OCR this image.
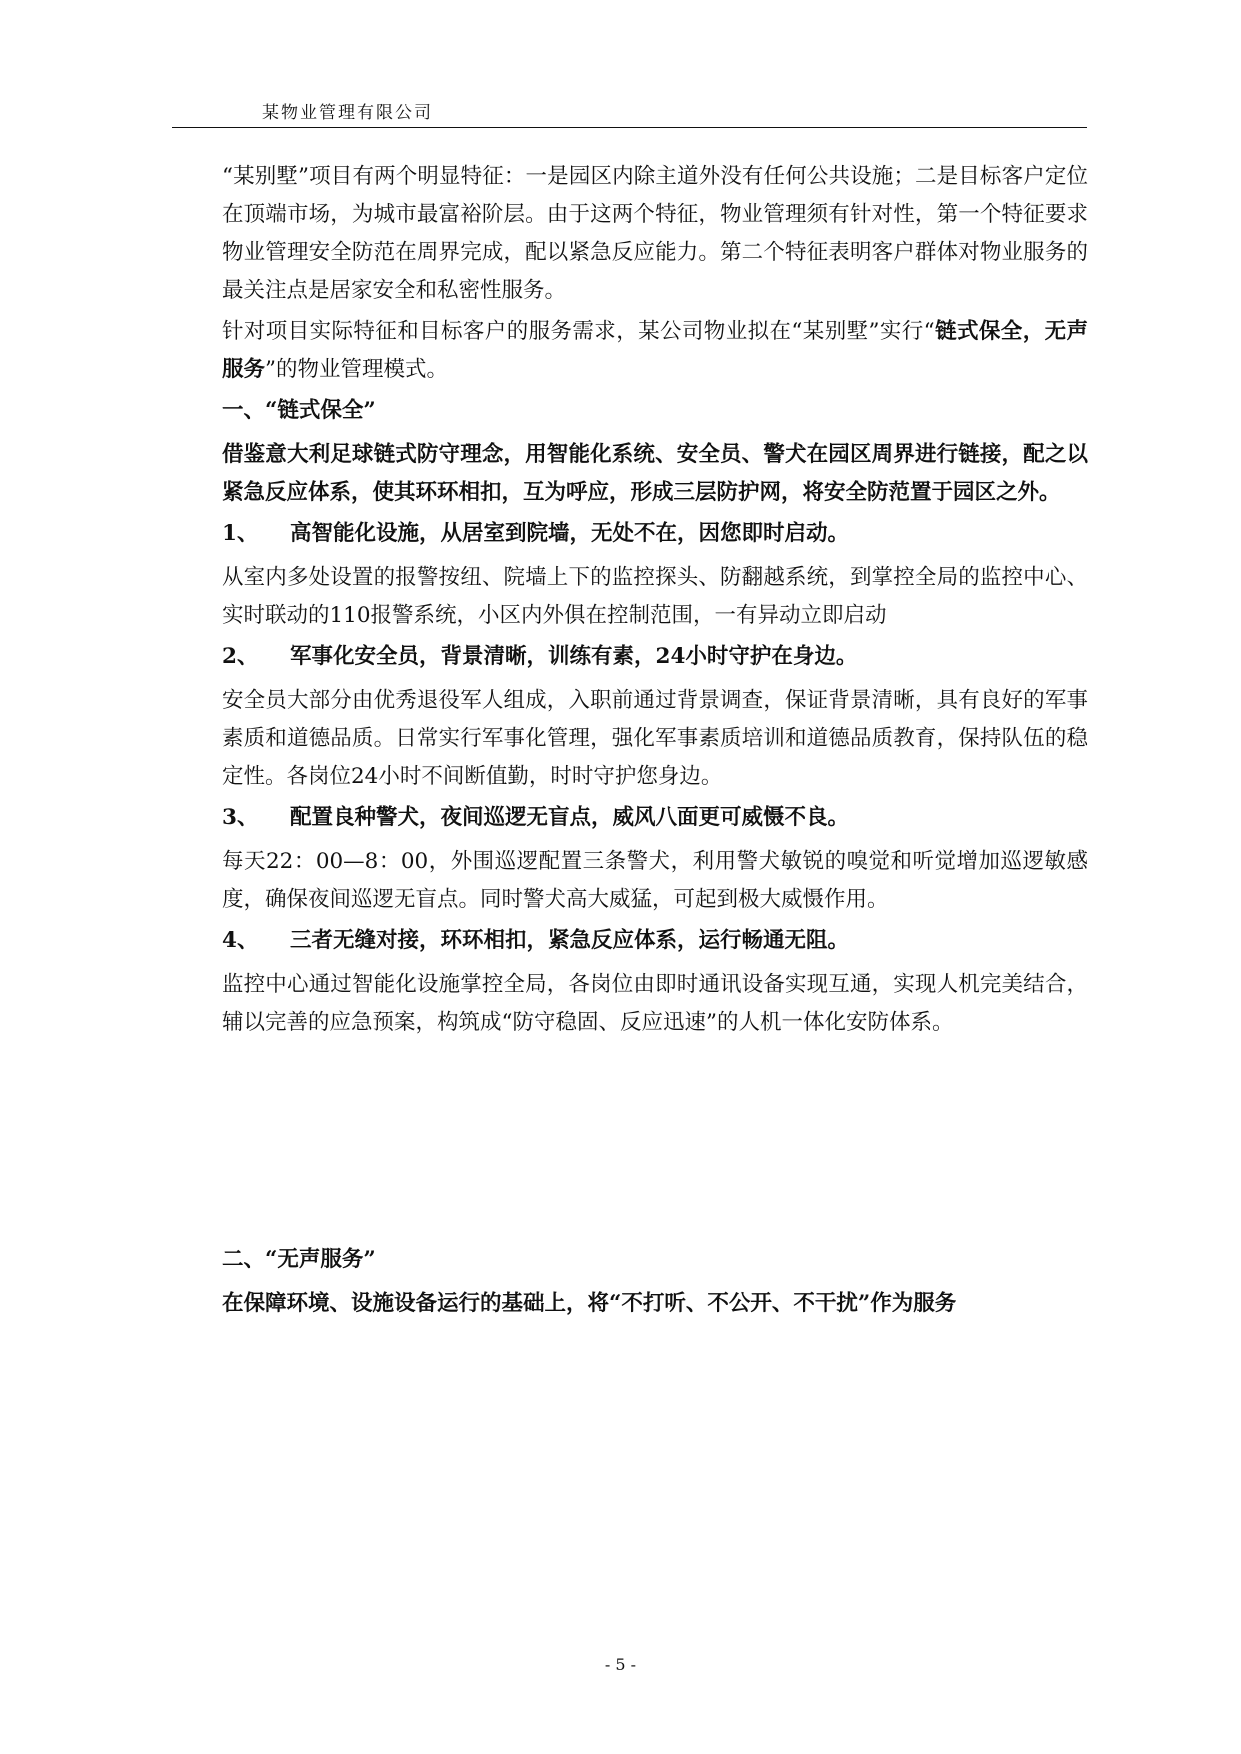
某物业管理有限公司

“某别墅”项目有两个明显特征：一是园区内除主道外没有任何公共设施；二是目标客户定位在顶端市场，为城市最富裕阶层。由于这两个特征，物业管理须有针对性，第一个特征要求物业管理安全防范在周界完成，配以紧急反应能力。第二个特征表明客户群体对物业服务的最关注点是居家安全和私密性服务。

针对项目实际特征和目标客户的服务需求，某公司物业拟在“某别墅”实行“链式保全，无声服务”的物业管理模式。

一、“链式保全”

借鉴意大利足球链式防守理念，用智能化系统、安全员、警犬在园区周界进行链接，配之以紧急反应体系，使其环环相扣，互为呼应，形成三层防护网，将安全防范置于园区之外。

1、	高智能化设施，从居室到院墙，无处不在，因您即时启动。

从室内多处设置的报警按纽、院墙上下的监控探头、防翻越系统，到掌控全局的监控中心、实时联动的110报警系统，小区内外俱在控制范围，一有异动立即启动

2、	军事化安全员，背景清晰，训练有素，24小时守护在身边。

安全员大部分由优秀退役军人组成，入职前通过背景调查，保证背景清晰，具有良好的军事素质和道德品质。日常实行军事化管理，强化军事素质培训和道德品质教育，保持队伍的稳定性。各岗位24小时不间断值勤，时时守护您身边。

3、	配置良种警犬，夜间巡逻无盲点，威风八面更可威慑不良。

每天22：00—8：00，外围巡逻配置三条警犬，利用警犬敏锐的嗅觉和听觉增加巡逻敏感度，确保夜间巡逻无盲点。同时警犬高大威猛，可起到极大威慑作用。

4、	三者无缝对接，环环相扣，紧急反应体系，运行畅通无阻。

监控中心通过智能化设施掌控全局，各岗位由即时通讯设备实现互通，实现人机完美结合，辅以完善的应急预案，构筑成“防守稳固、反应迅速”的人机一体化安防体系。

二、“无声服务”

在保障环境、设施设备运行的基础上，将“不打听、不公开、不干扰”作为服务

- 5 -
